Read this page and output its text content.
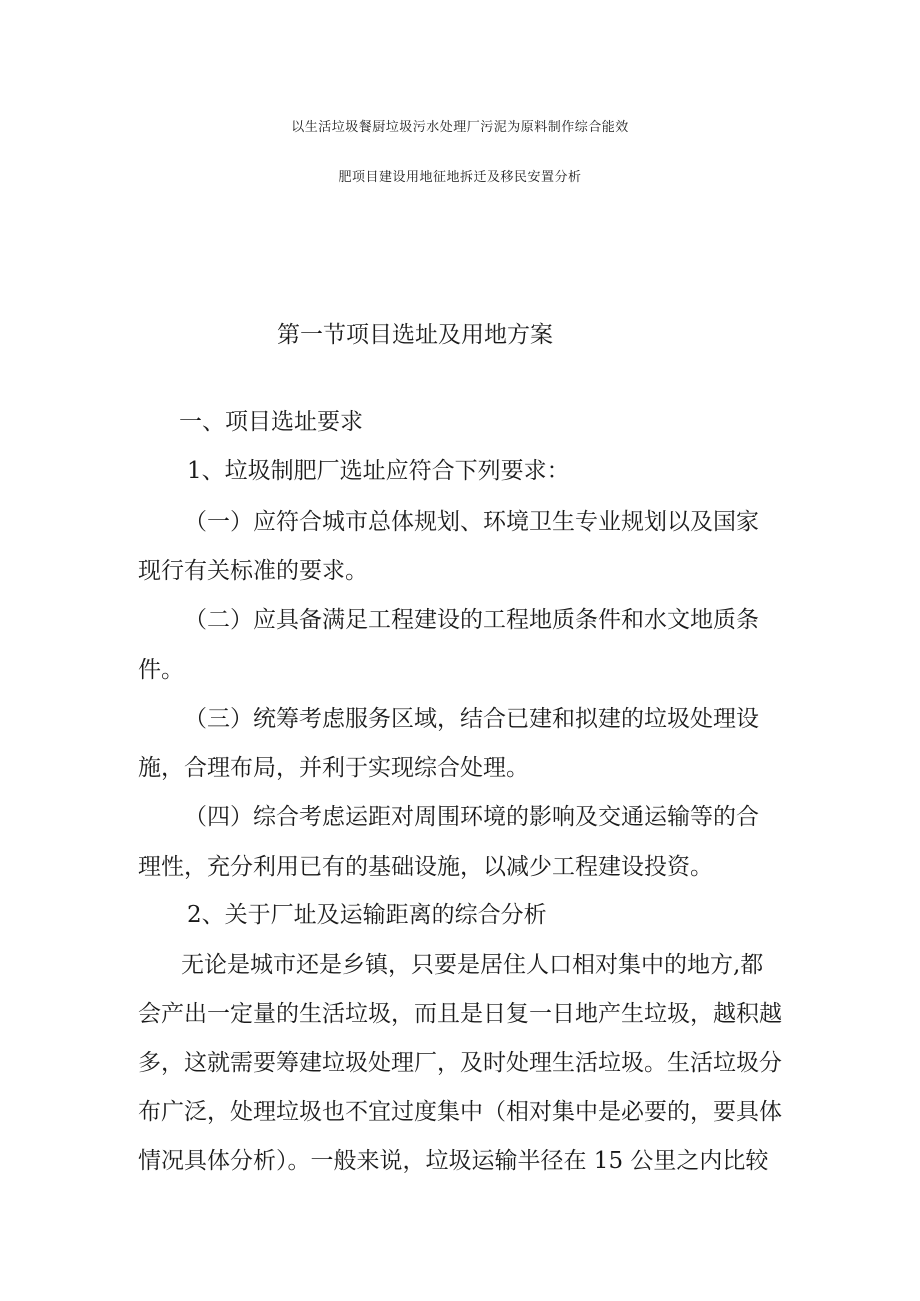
以生活垃圾餐厨垃圾污水处理厂污泥为原料制作综合能效
肥项目建设用地征地拆迁及移民安置分析
第一节项目选址及用地方案
一、项目选址要求
1、垃圾制肥厂选址应符合下列要求：
（一）应符合城市总体规划、环境卫生专业规划以及国家
现行有关标准的要求。
（二）应具备满足工程建设的工程地质条件和水文地质条
件。
（三）统筹考虑服务区域，结合已建和拟建的垃圾处理设
施，合理布局，并利于实现综合处理。
（四）综合考虑运距对周围环境的影响及交通运输等的合
理性，充分利用已有的基础设施，以减少工程建设投资。
2、关于厂址及运输距离的综合分析
无论是城市还是乡镇，只要是居住人口相对集中的地方,都
会产出一定量的生活垃圾，而且是日复一日地产生垃圾，越积越
多，这就需要筹建垃圾处理厂，及时处理生活垃圾。生活垃圾分
布广泛，处理垃圾也不宜过度集中（相对集中是必要的，要具体
情况具体分析）。一般来说，垃圾运输半径在 15 公里之内比较
